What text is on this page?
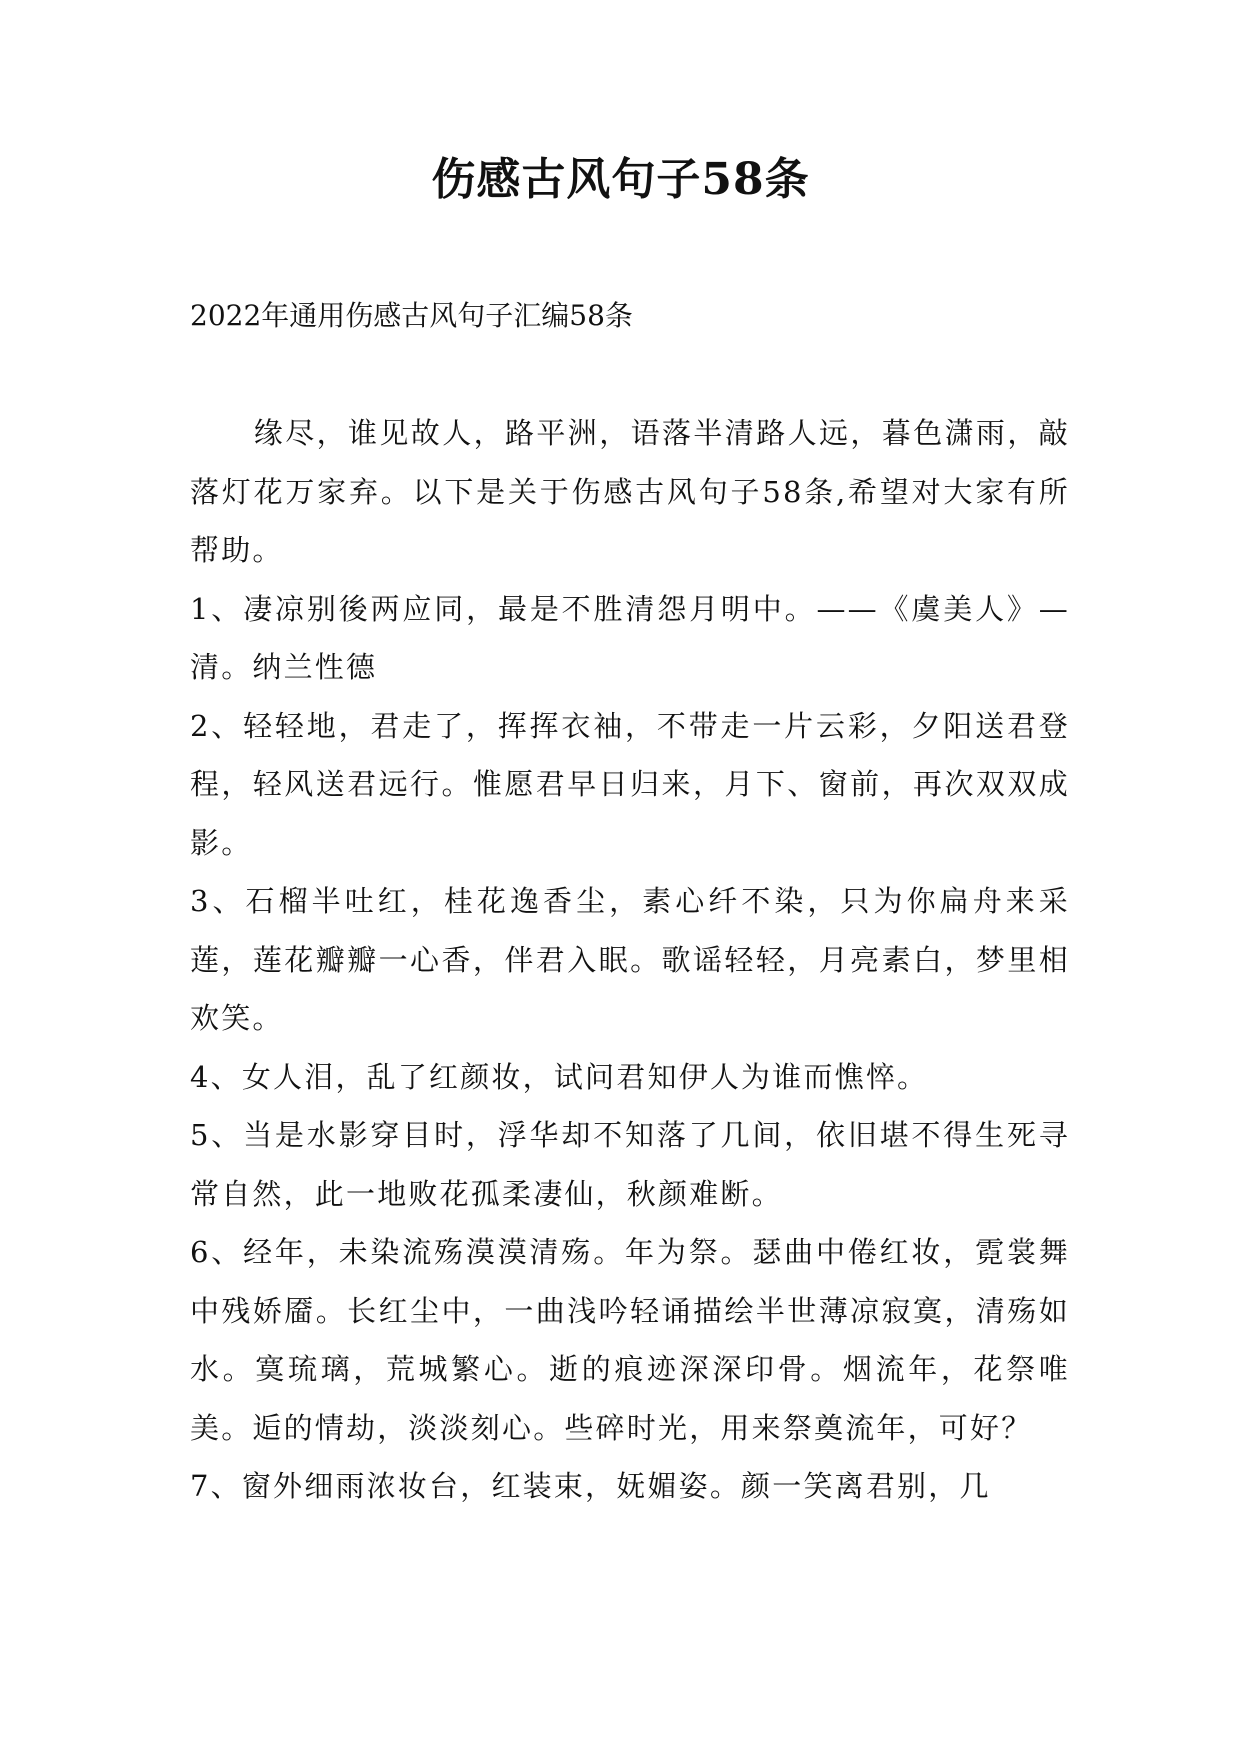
伤感古风句子58条

2022年通用伤感古风句子汇编58条

缘尽，谁见故人，路平洲，语落半清路人远，暮色潇雨，敲落灯花万家弃。以下是关于伤感古风句子58条,希望对大家有所帮助。

1、凄凉别後两应同，最是不胜清怨月明中。——《虞美人》—清。纳兰性德

2、轻轻地，君走了，挥挥衣袖，不带走一片云彩，夕阳送君登程，轻风送君远行。惟愿君早日归来，月下、窗前，再次双双成影。

3、石榴半吐红，桂花逸香尘，素心纤不染，只为你扁舟来采莲，莲花瓣瓣一心香，伴君入眠。歌谣轻轻，月亮素白，梦里相欢笑。

4、女人泪，乱了红颜妆，试问君知伊人为谁而憔悴。

5、当是水影穿目时，浮华却不知落了几间，依旧堪不得生死寻常自然，此一地败花孤柔凄仙，秋颜难断。

6、经年，未染流殇漠漠清殇。年为祭。瑟曲中倦红妆，霓裳舞中残娇靥。长红尘中，一曲浅吟轻诵描绘半世薄凉寂寞，清殇如水。寞琉璃，荒城繁心。逝的痕迹深深印骨。烟流年，花祭唯美。逅的情劫，淡淡刻心。些碎时光，用来祭奠流年，可好？

7、窗外细雨浓妆台，红装束，妩媚姿。颜一笑离君别，几
